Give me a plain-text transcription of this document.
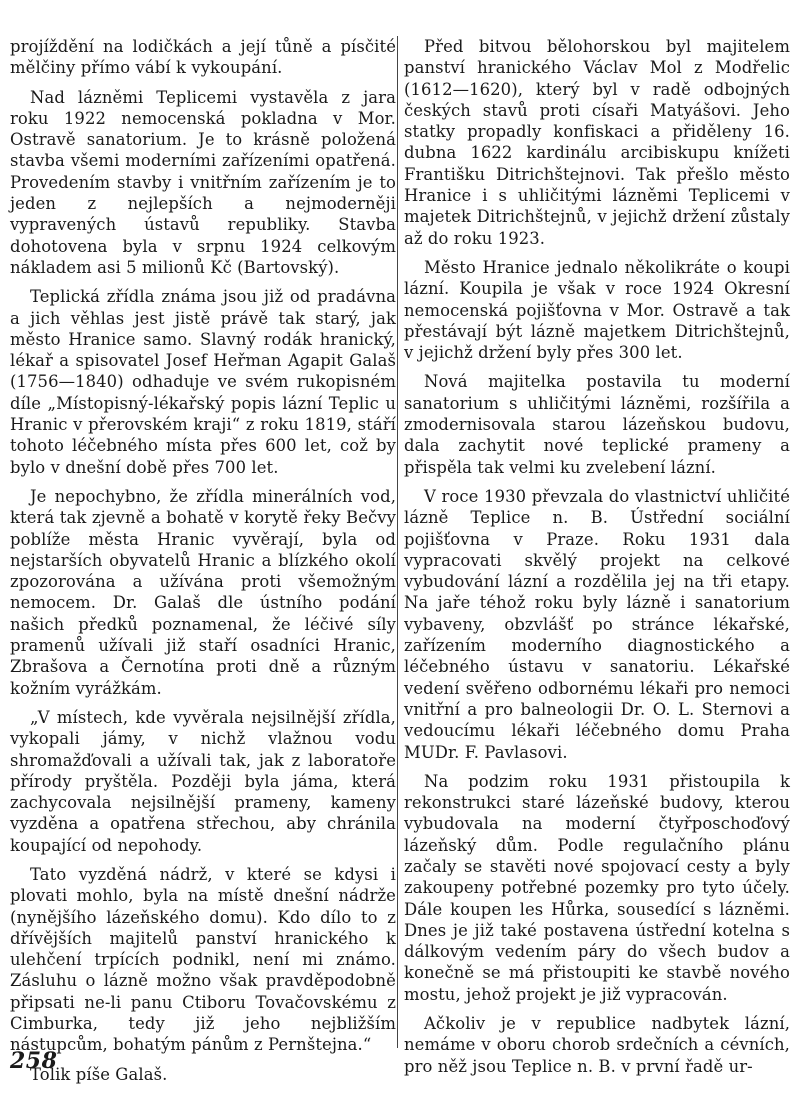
projíždění na lodičkách a její tůně a písčité mělčiny přímo vábí k vykoupání.

Nad lázněmi Teplicemi vystavěla z jara roku 1922 nemocenská pokladna v Mor. Ostravě sanatorium. Je to krásně položená stavba všemi moderními zařízeními opatřená. Provedením stavby i vnitřním zařízením je to jeden z nejlepších a nejmoderněji vypravených ústavů republiky. Stavba dohotovena byla v srpnu 1924 celkovým nákladem asi 5 milionů Kč (Bartovský).

Teplická zřídla známa jsou již od pradávna a jich věhlas jest jistě právě tak starý, jak město Hranice samo. Slavný rodák hranický, lékař a spisovatel Josef Heřman Agapit Galaš (1756—1840) odhaduje ve svém rukopisném díle „Místopisný-lékařský popis lázní Teplic u Hranic v přerovském kraji“ z roku 1819, stáří tohoto léčebného místa přes 600 let, což by bylo v dnešní době přes 700 let.

Je nepochybno, že zřídla minerálních vod, která tak zjevně a bohatě v korytě řeky Bečvy poblíže města Hranic vyvěrají, byla od nejstarších obyvatelů Hranic a blízkého okolí zpozorována a užívána proti všemožným nemocem. Dr. Galaš dle ústního podání našich předků poznamenal, že léčivé síly pramenů užívali již staří osadníci Hranic, Zbrašova a Černotína proti dně a různým kožním vyrážkám.

„V místech, kde vyvěrala nejsilnější zřídla, vykopali jámy, v nichž vlažnou vodu shromažďovali a užívali tak, jak z laboratoře přírody pryštěla. Později byla jáma, která zachycovala nejsilnější prameny, kameny vyzděna a opatřena střechou, aby chránila koupající od nepohody.

Tato vyzděná nádrž, v které se kdysi i plovati mohlo, byla na místě dnešní nádrže (nynějšího lázeňského domu). Kdo dílo to z dřívějších majitelů panství hranického k ulehčení trpících podnikl, není mi známo. Zásluhu o lázně možno však pravděpodobně připsati ne-li panu Ctiboru Tovačovskému z Cimburka, tedy již jeho nejbližším nástupcům, bohatým pánům z Pernštejna.“

Tolik píše Galaš.

Před bitvou bělohorskou byl majitelem panství hranického Václav Mol z Modřelic (1612—1620), který byl v radě odbojných českých stavů proti císaři Matyášovi. Jeho statky propadly konfiskaci a přiděleny 16. dubna 1622 kardinálu arcibiskupu knížeti Františku Ditrichštejnovi. Tak přešlo město Hranice i s uhličitými lázněmi Teplicemi v majetek Ditrichštejnů, v jejichž držení zůstaly až do roku 1923.

Město Hranice jednalo několikráte o koupi lázní. Koupila je však v roce 1924 Okresní nemocenská pojišťovna v Mor. Ostravě a tak přestávají být lázně majetkem Ditrichštejnů, v jejichž držení byly přes 300 let.

Nová majitelka postavila tu moderní sanatorium s uhličitými lázněmi, rozšířila a zmodernisovala starou lázeňskou budovu, dala zachytit nové teplické prameny a přispěla tak velmi ku zvelebení lázní.

V roce 1930 převzala do vlastnictví uhličité lázně Teplice n. B. Ústřední sociální pojišťovna v Praze. Roku 1931 dala vypracovati skvělý projekt na celkové vybudování lázní a rozdělila jej na tři etapy. Na jaře téhož roku byly lázně i sanatorium vybaveny, obzvlášť po stránce lékařské, zařízením moderního diagnostického a léčebného ústavu v sanatoriu. Lékařské vedení svěřeno odbornému lékaři pro nemoci vnitřní a pro balneologii Dr. O. L. Sternovi a vedoucímu lékaři léčebného domu Praha MUDr. F. Pavlasovi.

Na podzim roku 1931 přistoupila k rekonstrukci staré lázeňské budovy, kterou vybudovala na moderní čtyřposchoďový lázeňský dům. Podle regulačního plánu začaly se stavěti nové spojovací cesty a byly zakoupeny potřebné pozemky pro tyto účely. Dále koupen les Hůrka, sousedící s lázněmi. Dnes je již také postavena ústřední kotelna s dálkovým vedením páry do všech budov a konečně se má přistoupiti ke stavbě nového mostu, jehož projekt je již vypracován.

Ačkoliv je v republice nadbytek lázní, nemáme v oboru chorob srdečních a cévních, pro něž jsou Teplice n. B. v první řadě ur-

258
